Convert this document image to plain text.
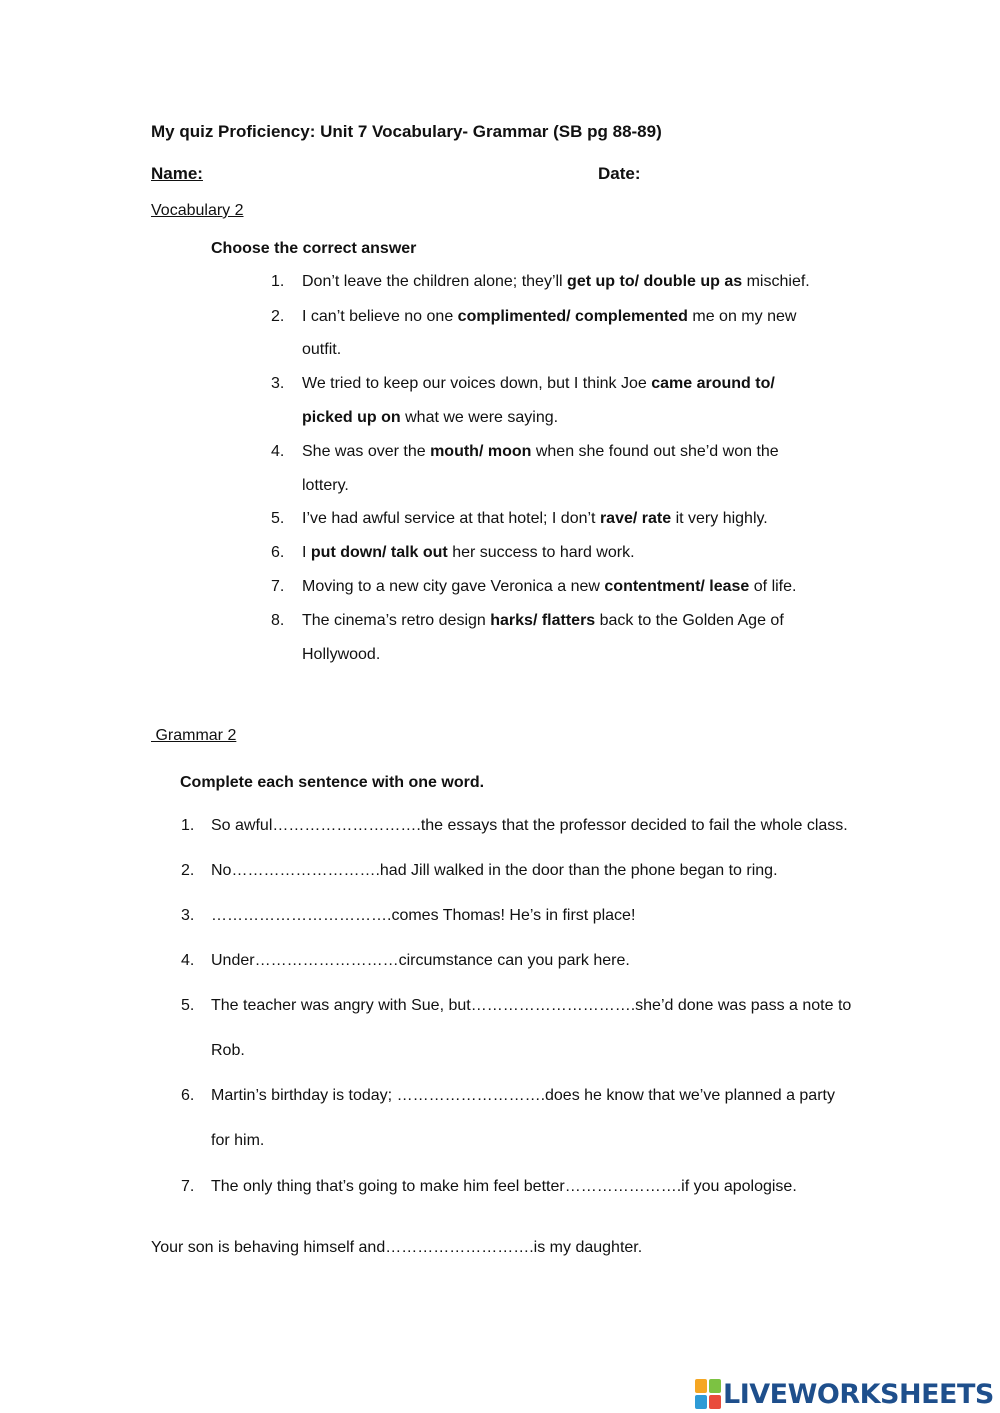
My quiz Proficiency: Unit 7 Vocabulary- Grammar (SB pg 88-89)
Name:	Date:
Vocabulary 2
Choose the correct answer
1.	Don’t leave the children alone; they’ll get up to/ double up as mischief.
2.	I can’t believe no one complimented/ complemented me on my new
outfit.
3.	We tried to keep our voices down, but I think Joe came around to/
picked up on what we were saying.
4.	She was over the mouth/ moon when she found out she’d won the
lottery.
5.	I’ve had awful service at that hotel; I don’t rave/ rate it very highly.
6.	I put down/ talk out her success to hard work.
7.	Moving to a new city gave Veronica a new contentment/ lease of life.
8.	The cinema’s retro design harks/ flatters back to the Golden Age of
Hollywood.
Grammar 2
Complete each sentence with one word.
1.	So awful……………………….the essays that the professor decided to fail the whole class.
2.	No……………………….had Jill walked in the door than the phone began to ring.
3.	…………………………….comes Thomas! He’s in first place!
4.	Under………………………circumstance can you park here.
5.	The teacher was angry with Sue, but………………………….she’d done was pass a note to
Rob.
6.	Martin’s birthday is today; ……………………….does he know that we’ve planned a party
for him.
7.	The only thing that’s going to make him feel better………………….if you apologise.
Your son is behaving himself and……………………….is my daughter.
LIVEWORKSHEETS
